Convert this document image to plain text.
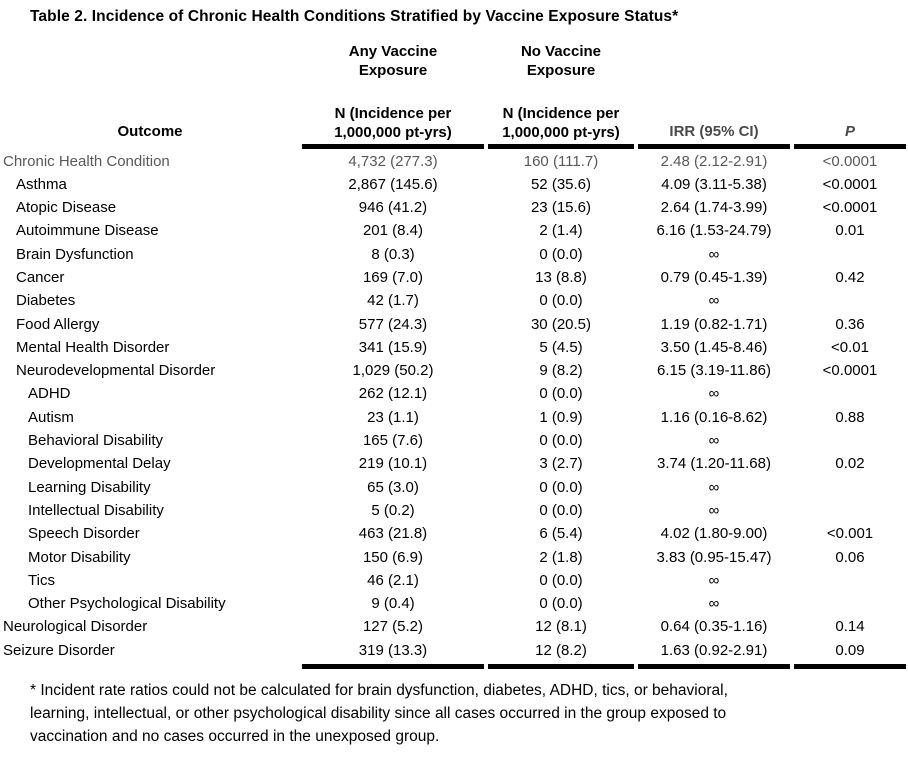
Table 2. Incidence of Chronic Health Conditions Stratified by Vaccine Exposure Status*
Any Vaccine
Exposure
No Vaccine
Exposure
Outcome
N (Incidence per
1,000,000 pt-yrs)
N (Incidence per
1,000,000 pt-yrs)	IRR (95% CI)	P
Chronic Health Condition	4,732 (277.3)	160 (111.7)	2.48 (2.12-2.91)	<0.0001
Asthma	2,867 (145.6)	52 (35.6)	4.09 (3.11-5.38)	<0.0001
Atopic Disease	946 (41.2)	23 (15.6)	2.64 (1.74-3.99)	<0.0001
Autoimmune Disease	201 (8.4)	2 (1.4)	6.16 (1.53-24.79)	0.01
Brain Dysfunction	8 (0.3)	0 (0.0)	∞
Cancer	169 (7.0)	13 (8.8)	0.79 (0.45-1.39)	0.42
Diabetes	42 (1.7)	0 (0.0)	∞
Food Allergy	577 (24.3)	30 (20.5)	1.19 (0.82-1.71)	0.36
Mental Health Disorder	341 (15.9)	5 (4.5)	3.50 (1.45-8.46)	<0.01
Neurodevelopmental Disorder	1,029 (50.2)	9 (8.2)	6.15 (3.19-11.86)	<0.0001
ADHD	262 (12.1)	0 (0.0)	∞
Autism	23 (1.1)	1 (0.9)	1.16 (0.16-8.62)	0.88
Behavioral Disability	165 (7.6)	0 (0.0)	∞
Developmental Delay	219 (10.1)	3 (2.7)	3.74 (1.20-11.68)	0.02
Learning Disability	65 (3.0)	0 (0.0)	∞
Intellectual Disability	5 (0.2)	0 (0.0)	∞
Speech Disorder	463 (21.8)	6 (5.4)	4.02 (1.80-9.00)	<0.001
Motor Disability	150 (6.9)	2 (1.8)	3.83 (0.95-15.47)	0.06
Tics	46 (2.1)	0 (0.0)	∞
Other Psychological Disability	9 (0.4)	0 (0.0)	∞
Neurological Disorder	127 (5.2)	12 (8.1)	0.64 (0.35-1.16)	0.14
Seizure Disorder	319 (13.3)	12 (8.2)	1.63 (0.92-2.91)	0.09
* Incident rate ratios could not be calculated for brain dysfunction, diabetes, ADHD, tics, or behavioral,
learning, intellectual, or other psychological disability since all cases occurred in the group exposed to
vaccination and no cases occurred in the unexposed group.
